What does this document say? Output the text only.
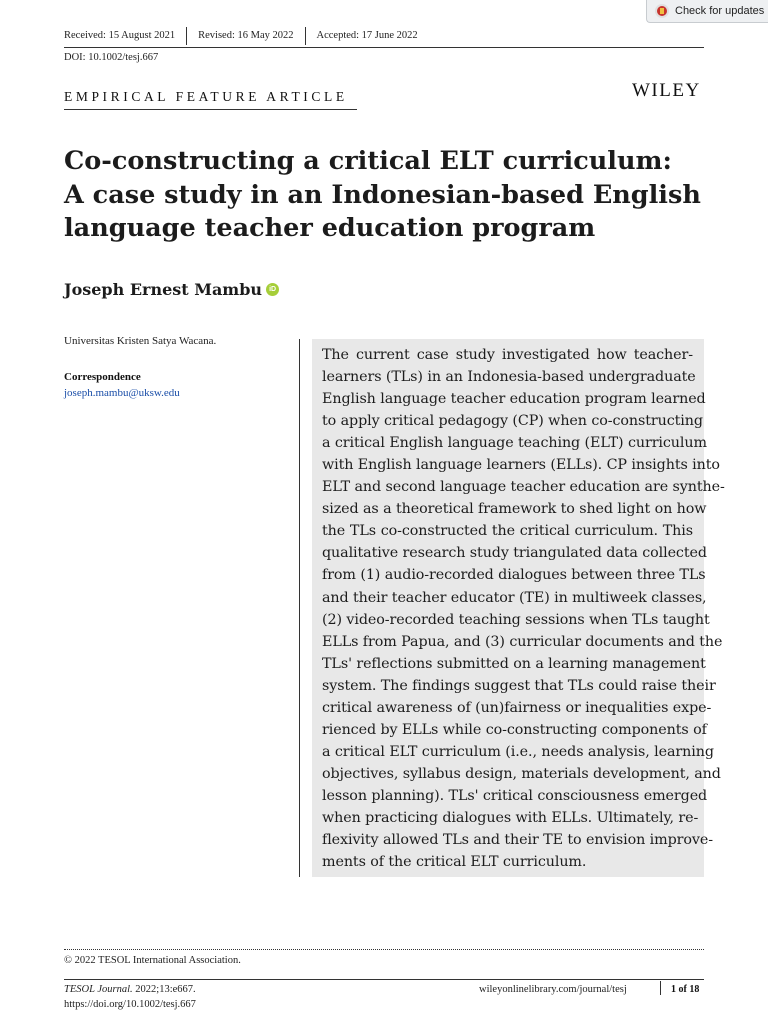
Check for updates
Received: 15 August 2021	Revised: 16 May 2022	Accepted: 17 June 2022
DOI: 10.1002/tesj.667
EMPIRICAL FEATURE ARTICLE	WILEY
Co-constructing a critical ELT curriculum:
A case study in an Indonesian-based English
language teacher education program
Joseph Ernest Mambu	iD
Universitas Kristen Satya Wacana.
Correspondence
joseph.mambu@uksw.edu
The current case study investigated how teacher-
learners (TLs) in an Indonesia-based undergraduate
English language teacher education program learned
to apply critical pedagogy (CP) when co-constructing
a critical English language teaching (ELT) curriculum
with English language learners (ELLs). CP insights into
ELT and second language teacher education are synthe-
sized as a theoretical framework to shed light on how
the TLs co-constructed the critical curriculum. This
qualitative research study triangulated data collected
from (1) audio-recorded dialogues between three TLs
and their teacher educator (TE) in multiweek classes,
(2) video-recorded teaching sessions when TLs taught
ELLs from Papua, and (3) curricular documents and the
TLs' reflections submitted on a learning management
system. The findings suggest that TLs could raise their
critical awareness of (un)fairness or inequalities expe-
rienced by ELLs while co-constructing components of
a critical ELT curriculum (i.e., needs analysis, learning
objectives, syllabus design, materials development, and
lesson planning). TLs' critical consciousness emerged
when practicing dialogues with ELLs. Ultimately, re-
flexivity allowed TLs and their TE to envision improve-
ments of the critical ELT curriculum.
© 2022 TESOL International Association.
TESOL Journal. 2022;13:e667.
https://doi.org/10.1002/tesj.667
wileyonlinelibrary.com/journal/tesj	1 of 18
